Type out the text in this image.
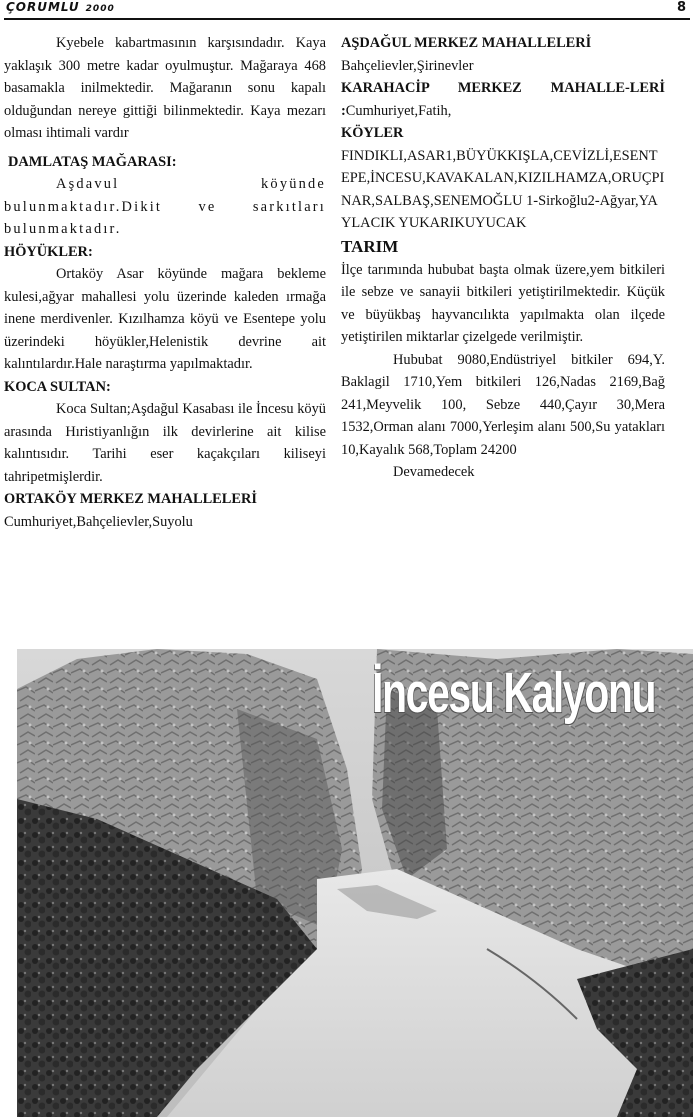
ÇORUMLU 2000	8

Kyebele kabartmasının karşısındadır. Kaya yaklaşık 300 metre kadar oyulmuştur. Mağaraya 468 basamakla inilmektedir. Mağaranın sonu kapalı olduğundan nereye gittiği bilinmektedir. Kaya mezarı olması ihtimali vardır

DAMLATAŞ MAĞARASI:

Aşdavul köyünde bulunmaktadır.Dikit ve sarkıtları bulunmaktadır.

HÖYÜKLER:

Ortaköy Asar köyünde mağara bekleme kulesi,ağyar mahallesi yolu üzerinde kaleden ırmağa inene merdivenler. Kızılhamza köyü ve Esentepe yolu üzerindeki höyükler,Helenistik devrine ait kalıntılardır.Hale naraştırma yapılmaktadır.

KOCA SULTAN:

Koca Sultan;Aşdağul Kasabası ile İncesu köyü arasında Hıristiyanlığın ilk devirlerine ait kilise kalıntısıdır. Tarihi eser kaçakçıları kiliseyi tahripetmişlerdir.

ORTAKÖY MERKEZ MAHALLELERİ

Cumhuriyet,Bahçelievler,Suyolu

AŞDAĞUL MERKEZ MAHALLELERİ

Bahçelievler,Şirinevler

KARAHACİP MERKEZ MAHALLE-LERİ :Cumhuriyet,Fatih,

KÖYLER

FINDIKLI,ASAR1,BÜYÜKKIŞLA,CEVİZLİ,ESENTEPE,İNCESU,KAVAKALAN,KIZILHAMZA,ORUÇPINAR,SALBAŞ,SENEMOĞLU 1-Sirkoğlu2-Ağyar,YAYLACIK YUKARIKUYUCAK

TARIM

İlçe tarımında hububat başta olmak üzere,yem bitkileri ile sebze ve sanayii bitkileri yetiştirilmektedir. Küçük ve büyükbaş hayvancılıkta yapılmakta olan ilçede yetiştirilen miktarlar çizelgede verilmiştir.

Hububat 9080,Endüstriyel bitkiler 694,Y. Baklagil 1710,Yem bitkileri 126,Nadas 2169,Bağ 241,Meyvelik 100, Sebze 440,Çayır 30,Mera 1532,Orman alanı 7000,Yerleşim alanı 500,Su yatakları 10,Kayalık 568,Toplam 24200

Devamedecek

İncesu Kalyonu
